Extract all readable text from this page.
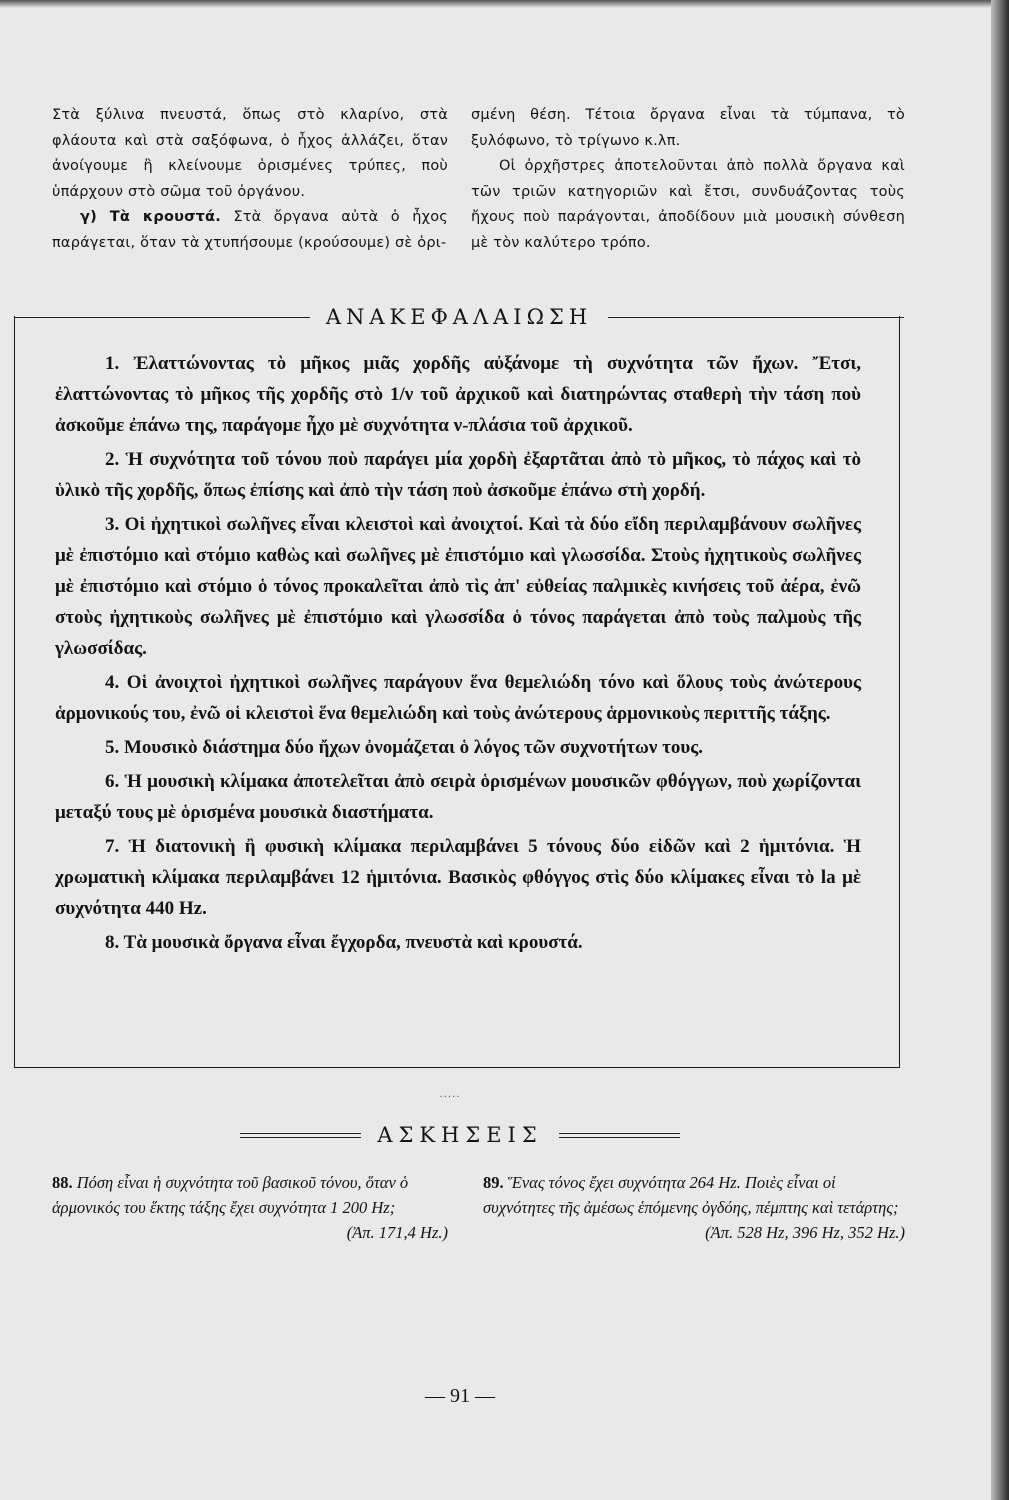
Στὰ ξύλινα πνευστά, ὅπως στὸ κλαρίνο, στὰ φλάουτα καὶ στὰ σαξόφωνα, ὁ ἦχος ἀλλάζει, ὅταν ἀνοίγουμε ἢ κλείνουμε ὁρισμένες τρύπες, ποὺ ὑπάρχουν στὸ σῶμα τοῦ ὀργάνου.

γ) Τὰ κρουστά. Στὰ ὄργανα αὐτὰ ὁ ἦχος παράγεται, ὅταν τὰ χτυπήσουμε (κρούσουμε) σὲ ὁρι-

σμένη θέση. Τέτοια ὄργανα εἶναι τὰ τύμπανα, τὸ ξυλόφωνο, τὸ τρίγωνο κ.λπ.

Οἱ ὀρχῆστρες ἀποτελοῦνται ἀπὸ πολλὰ ὄργανα καὶ τῶν τριῶν κατηγοριῶν καὶ ἔτσι, συνδυάζοντας τοὺς ἤχους ποὺ παράγονται, ἀποδίδουν μιὰ μουσικὴ σύνθεση μὲ τὸν καλύτερο τρόπο.

ΑΝΑΚΕΦΑΛΑΙΩΣΗ

1. Ἐλαττώνοντας τὸ μῆκος μιᾶς χορδῆς αὐξάνομε τὴ συχνότητα τῶν ἤχων. Ἔτσι, ἐλαττώνοντας τὸ μῆκος τῆς χορδῆς στὸ 1/ν τοῦ ἀρχικοῦ καὶ διατηρώντας σταθερὴ τὴν τάση ποὺ ἀσκοῦμε ἐπάνω της, παράγομε ἦχο μὲ συχνότητα ν-πλάσια τοῦ ἀρχικοῦ.

2. Ἡ συχνότητα τοῦ τόνου ποὺ παράγει μία χορδὴ ἐξαρτᾶται ἀπὸ τὸ μῆκος, τὸ πάχος καὶ τὸ ὑλικὸ τῆς χορδῆς, ὅπως ἐπίσης καὶ ἀπὸ τὴν τάση ποὺ ἀσκοῦμε ἐπάνω στὴ χορδή.

3. Οἱ ἠχητικοὶ σωλῆνες εἶναι κλειστοὶ καὶ ἀνοιχτοί. Καὶ τὰ δύο εἴδη περιλαμβάνουν σωλῆνες μὲ ἐπιστόμιο καὶ στόμιο καθὼς καὶ σωλῆνες μὲ ἐπιστόμιο καὶ γλωσσίδα. Στοὺς ἠχητικοὺς σωλῆνες μὲ ἐπιστόμιο καὶ στόμιο ὁ τόνος προκαλεῖται ἀπὸ τὶς ἀπ' εὐθείας παλμικὲς κινήσεις τοῦ ἀέρα, ἐνῶ στοὺς ἠχητικοὺς σωλῆνες μὲ ἐπιστόμιο καὶ γλωσσίδα ὁ τόνος παράγεται ἀπὸ τοὺς παλμοὺς τῆς γλωσσίδας.

4. Οἱ ἀνοιχτοὶ ἠχητικοὶ σωλῆνες παράγουν ἕνα θεμελιώδη τόνο καὶ ὅλους τοὺς ἀνώτερους ἁρμονικούς του, ἐνῶ οἱ κλειστοὶ ἕνα θεμελιώδη καὶ τοὺς ἀνώτερους ἁρμονικοὺς περιττῆς τάξης.

5. Μουσικὸ διάστημα δύο ἤχων ὀνομάζεται ὁ λόγος τῶν συχνοτήτων τους.

6. Ἡ μουσικὴ κλίμακα ἀποτελεῖται ἀπὸ σειρὰ ὁρισμένων μουσικῶν φθόγγων, ποὺ χωρίζονται μεταξύ τους μὲ ὁρισμένα μουσικὰ διαστήματα.

7. Ἡ διατονικὴ ἢ φυσικὴ κλίμακα περιλαμβάνει 5 τόνους δύο εἰδῶν καὶ 2 ἡμιτόνια. Ἡ χρωματικὴ κλίμακα περιλαμβάνει 12 ἡμιτόνια. Βασικὸς φθόγγος στὶς δύο κλίμακες εἶναι τὸ la μὲ συχνότητα 440 Hz.

8. Τὰ μουσικὰ ὄργανα εἶναι ἔγχορδα, πνευστὰ καὶ κρουστά.

·····
ΑΣΚΗΣΕΙΣ
88. Πόση εἶναι ἡ συχνότητα τοῦ βασικοῦ τόνου, ὅταν ὁ ἁρμονικός του ἕκτης τάξης ἔχει συχνότητα 1 200 Hz;
(Ἀπ. 171,4 Hz.)
89. Ἕνας τόνος ἔχει συχνότητα 264 Hz. Ποιὲς εἶναι οἱ συχνότητες τῆς ἀμέσως ἑπόμενης ὀγδόης, πέμπτης καὶ τετάρτης;
(Ἀπ. 528 Hz, 396 Hz, 352 Hz.)
— 91 —
